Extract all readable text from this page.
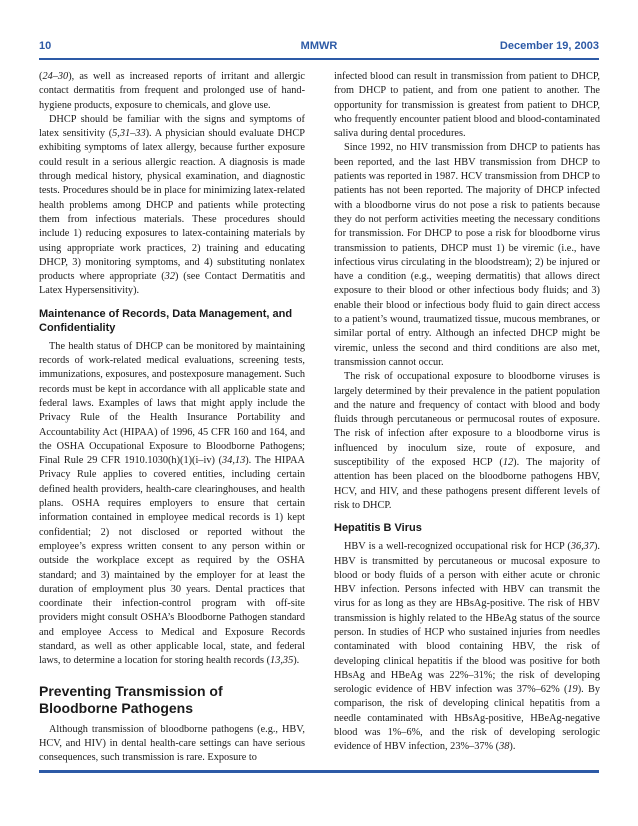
10	MMWR	December 19, 2003

(24–30), as well as increased reports of irritant and allergic contact dermatitis from frequent and prolonged use of hand-hygiene products, exposure to chemicals, and glove use.

DHCP should be familiar with the signs and symptoms of latex sensitivity (5,31–33). A physician should evaluate DHCP exhibiting symptoms of latex allergy, because further exposure could result in a serious allergic reaction. A diagnosis is made through medical history, physical examination, and diagnostic tests. Procedures should be in place for minimizing latex-related health problems among DHCP and patients while protecting them from infectious materials. These procedures should include 1) reducing exposures to latex-containing materials by using appropriate work practices, 2) training and educating DHCP, 3) monitoring symptoms, and 4) substituting nonlatex products where appropriate (32) (see Contact Dermatitis and Latex Hypersensitivity).

Maintenance of Records, Data Management, and Confidentiality

The health status of DHCP can be monitored by maintaining records of work-related medical evaluations, screening tests, immunizations, exposures, and postexposure management. Such records must be kept in accordance with all applicable state and federal laws. Examples of laws that might apply include the Privacy Rule of the Health Insurance Portability and Accountability Act (HIPAA) of 1996, 45 CFR 160 and 164, and the OSHA Occupational Exposure to Bloodborne Pathogens; Final Rule 29 CFR 1910.1030(h)(1)(i–iv) (34,13). The HIPAA Privacy Rule applies to covered entities, including certain defined health providers, health-care clearinghouses, and health plans. OSHA requires employers to ensure that certain information contained in employee medical records is 1) kept confidential; 2) not disclosed or reported without the employee’s express written consent to any person within or outside the workplace except as required by the OSHA standard; and 3) maintained by the employer for at least the duration of employment plus 30 years. Dental practices that coordinate their infection-control program with off-site providers might consult OSHA’s Bloodborne Pathogen standard and employee Access to Medical and Exposure Records standard, as well as other applicable local, state, and federal laws, to determine a location for storing health records (13,35).

Preventing Transmission of Bloodborne Pathogens

Although transmission of bloodborne pathogens (e.g., HBV, HCV, and HIV) in dental health-care settings can have serious consequences, such transmission is rare. Exposure to

infected blood can result in transmission from patient to DHCP, from DHCP to patient, and from one patient to another. The opportunity for transmission is greatest from patient to DHCP, who frequently encounter patient blood and blood-contaminated saliva during dental procedures.

Since 1992, no HIV transmission from DHCP to patients has been reported, and the last HBV transmission from DHCP to patients was reported in 1987. HCV transmission from DHCP to patients has not been reported. The majority of DHCP infected with a bloodborne virus do not pose a risk to patients because they do not perform activities meeting the necessary conditions for transmission. For DHCP to pose a risk for bloodborne virus transmission to patients, DHCP must 1) be viremic (i.e., have infectious virus circulating in the bloodstream); 2) be injured or have a condition (e.g., weeping dermatitis) that allows direct exposure to their blood or other infectious body fluids; and 3) enable their blood or infectious body fluid to gain direct access to a patient’s wound, traumatized tissue, mucous membranes, or similar portal of entry. Although an infected DHCP might be viremic, unless the second and third conditions are also met, transmission cannot occur.

The risk of occupational exposure to bloodborne viruses is largely determined by their prevalence in the patient population and the nature and frequency of contact with blood and body fluids through percutaneous or permucosal routes of exposure. The risk of infection after exposure to a bloodborne virus is influenced by inoculum size, route of exposure, and susceptibility of the exposed HCP (12). The majority of attention has been placed on the bloodborne pathogens HBV, HCV, and HIV, and these pathogens present different levels of risk to DHCP.

Hepatitis B Virus

HBV is a well-recognized occupational risk for HCP (36,37). HBV is transmitted by percutaneous or mucosal exposure to blood or body fluids of a person with either acute or chronic HBV infection. Persons infected with HBV can transmit the virus for as long as they are HBsAg-positive. The risk of HBV transmission is highly related to the HBeAg status of the source person. In studies of HCP who sustained injuries from needles contaminated with blood containing HBV, the risk of developing clinical hepatitis if the blood was positive for both HBsAg and HBeAg was 22%–31%; the risk of developing serologic evidence of HBV infection was 37%–62% (19). By comparison, the risk of developing clinical hepatitis from a needle contaminated with HBsAg-positive, HBeAg-negative blood was 1%–6%, and the risk of developing serologic evidence of HBV infection, 23%–37% (38).
